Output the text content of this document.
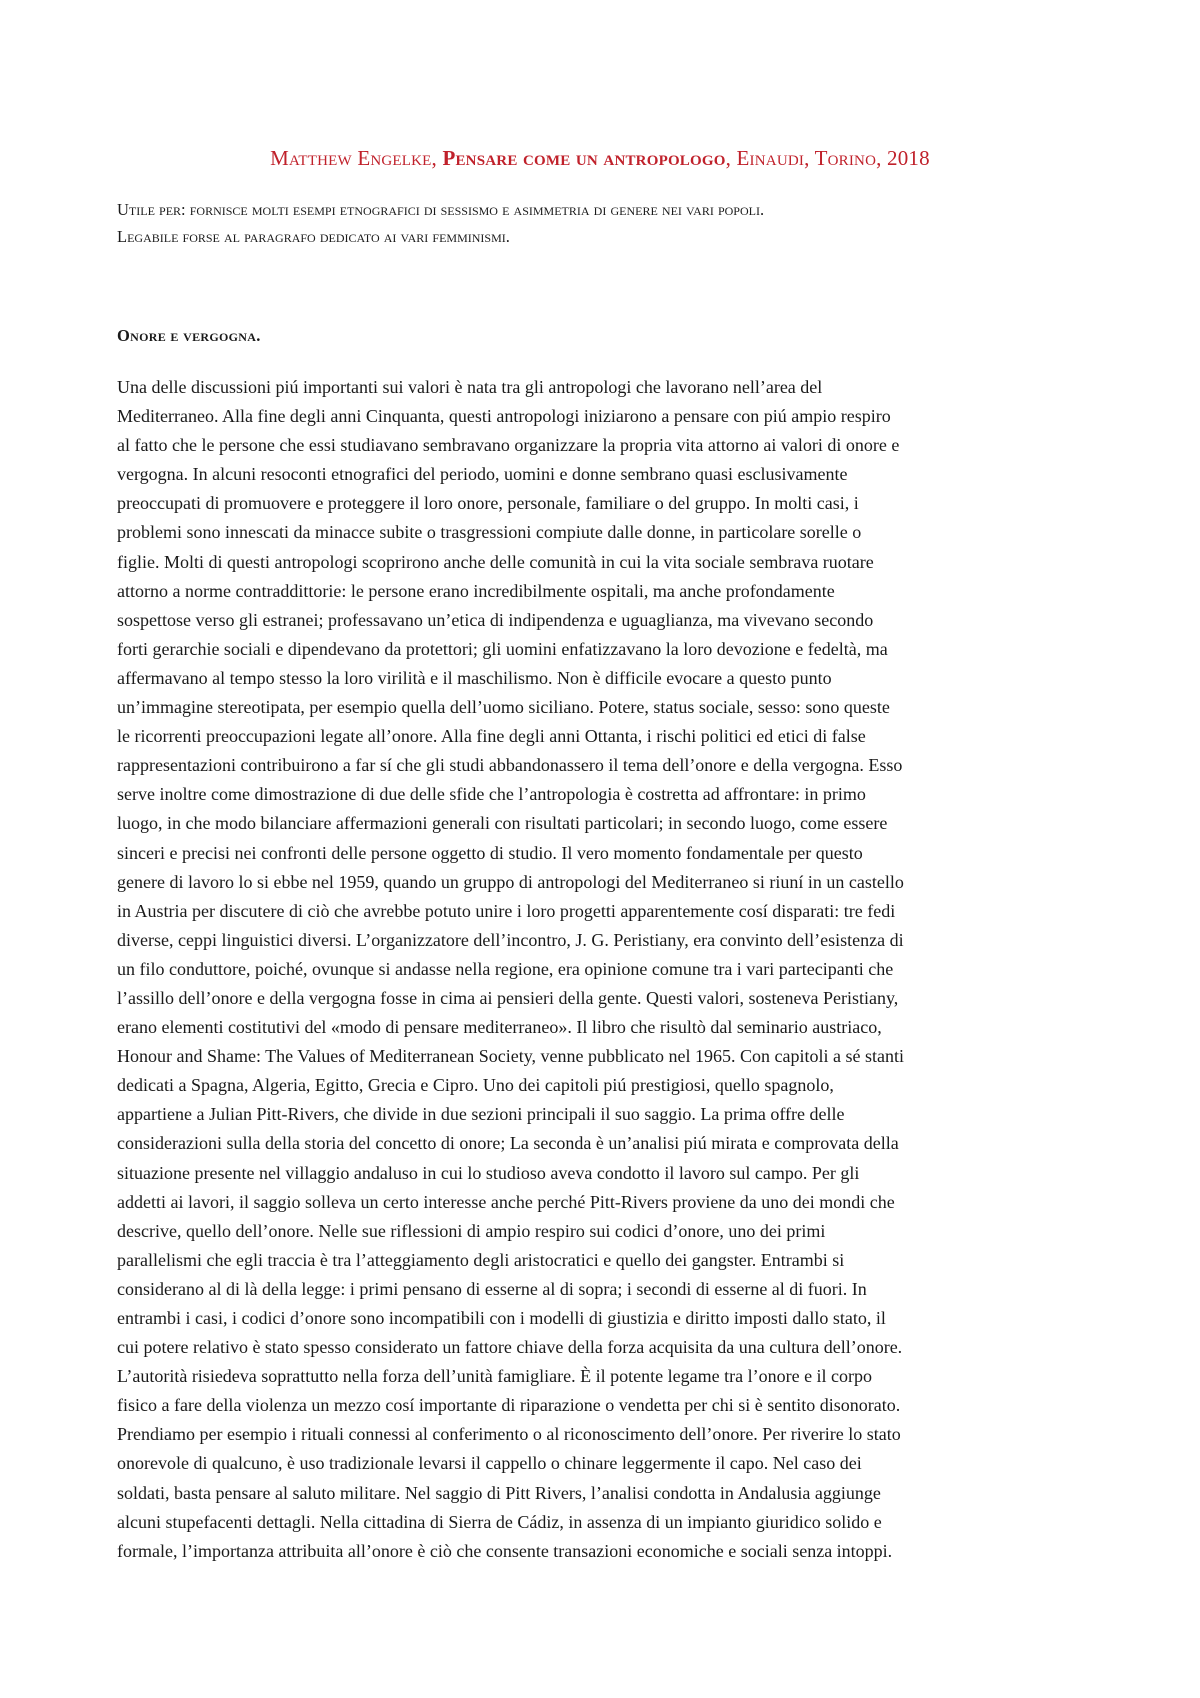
Matthew Engelke, Pensare come un antropologo, Einaudi, Torino, 2018
Utile per: fornisce molti esempi etnografici di sessismo e asimmetria di genere nei vari popoli.
Legabile forse al paragrafo dedicato ai vari femminismi.
Onore e vergogna.
Una delle discussioni piú importanti sui valori è nata tra gli antropologi che lavorano nell’area del
Mediterraneo. Alla fine degli anni Cinquanta, questi antropologi iniziarono a pensare con piú ampio respiro
al fatto che le persone che essi studiavano sembravano organizzare la propria vita attorno ai valori di onore e
vergogna. In alcuni resoconti etnografici del periodo, uomini e donne sembrano quasi esclusivamente
preoccupati di promuovere e proteggere il loro onore, personale, familiare o del gruppo. In molti casi, i
problemi sono innescati da minacce subite o trasgressioni compiute dalle donne, in particolare sorelle o
figlie. Molti di questi antropologi scoprirono anche delle comunità in cui la vita sociale sembrava ruotare
attorno a norme contraddittorie: le persone erano incredibilmente ospitali, ma anche profondamente
sospettose verso gli estranei; professavano un’etica di indipendenza e uguaglianza, ma vivevano secondo
forti gerarchie sociali e dipendevano da protettori; gli uomini enfatizzavano la loro devozione e fedeltà, ma
affermavano al tempo stesso la loro virilità e il maschilismo. Non è difficile evocare a questo punto
un’immagine stereotipata, per esempio quella dell’uomo siciliano. Potere, status sociale, sesso: sono queste
le ricorrenti preoccupazioni legate all’onore. Alla fine degli anni Ottanta, i rischi politici ed etici di false
rappresentazioni contribuirono a far sí che gli studi abbandonassero il tema dell’onore e della vergogna. Esso
serve inoltre come dimostrazione di due delle sfide che l’antropologia è costretta ad affrontare: in primo
luogo, in che modo bilanciare affermazioni generali con risultati particolari; in secondo luogo, come essere
sinceri e precisi nei confronti delle persone oggetto di studio. Il vero momento fondamentale per questo
genere di lavoro lo si ebbe nel 1959, quando un gruppo di antropologi del Mediterraneo si riuní in un castello
in Austria per discutere di ciò che avrebbe potuto unire i loro progetti apparentemente cosí disparati: tre fedi
diverse, ceppi linguistici diversi. L’organizzatore dell’incontro, J. G. Peristiany, era convinto dell’esistenza di
un filo conduttore, poiché, ovunque si andasse nella regione, era opinione comune tra i vari partecipanti che
l’assillo dell’onore e della vergogna fosse in cima ai pensieri della gente. Questi valori, sosteneva Peristiany,
erano elementi costitutivi del «modo di pensare mediterraneo». Il libro che risultò dal seminario austriaco,
Honour and Shame: The Values of Mediterranean Society, venne pubblicato nel 1965. Con capitoli a sé stanti
dedicati a Spagna, Algeria, Egitto, Grecia e Cipro. Uno dei capitoli piú prestigiosi, quello spagnolo,
appartiene a Julian Pitt-Rivers, che divide in due sezioni principali il suo saggio. La prima offre delle
considerazioni sulla della storia del concetto di onore; La seconda è un’analisi piú mirata e comprovata della
situazione presente nel villaggio andaluso in cui lo studioso aveva condotto il lavoro sul campo. Per gli
addetti ai lavori, il saggio solleva un certo interesse anche perché Pitt-Rivers proviene da uno dei mondi che
descrive, quello dell’onore. Nelle sue riflessioni di ampio respiro sui codici d’onore, uno dei primi
parallelismi che egli traccia è tra l’atteggiamento degli aristocratici e quello dei gangster. Entrambi si
considerano al di là della legge: i primi pensano di esserne al di sopra; i secondi di esserne al di fuori. In
entrambi i casi, i codici d’onore sono incompatibili con i modelli di giustizia e diritto imposti dallo stato, il
cui potere relativo è stato spesso considerato un fattore chiave della forza acquisita da una cultura dell’onore.
L’autorità risiedeva soprattutto nella forza dell’unità famigliare. È il potente legame tra l’onore e il corpo
fisico a fare della violenza un mezzo cosí importante di riparazione o vendetta per chi si è sentito disonorato.
Prendiamo per esempio i rituali connessi al conferimento o al riconoscimento dell’onore. Per riverire lo stato
onorevole di qualcuno, è uso tradizionale levarsi il cappello o chinare leggermente il capo. Nel caso dei
soldati, basta pensare al saluto militare. Nel saggio di Pitt Rivers, l’analisi condotta in Andalusia aggiunge
alcuni stupefacenti dettagli. Nella cittadina di Sierra de Cádiz, in assenza di un impianto giuridico solido e
formale, l’importanza attribuita all’onore è ciò che consente transazioni economiche e sociali senza intoppi.
